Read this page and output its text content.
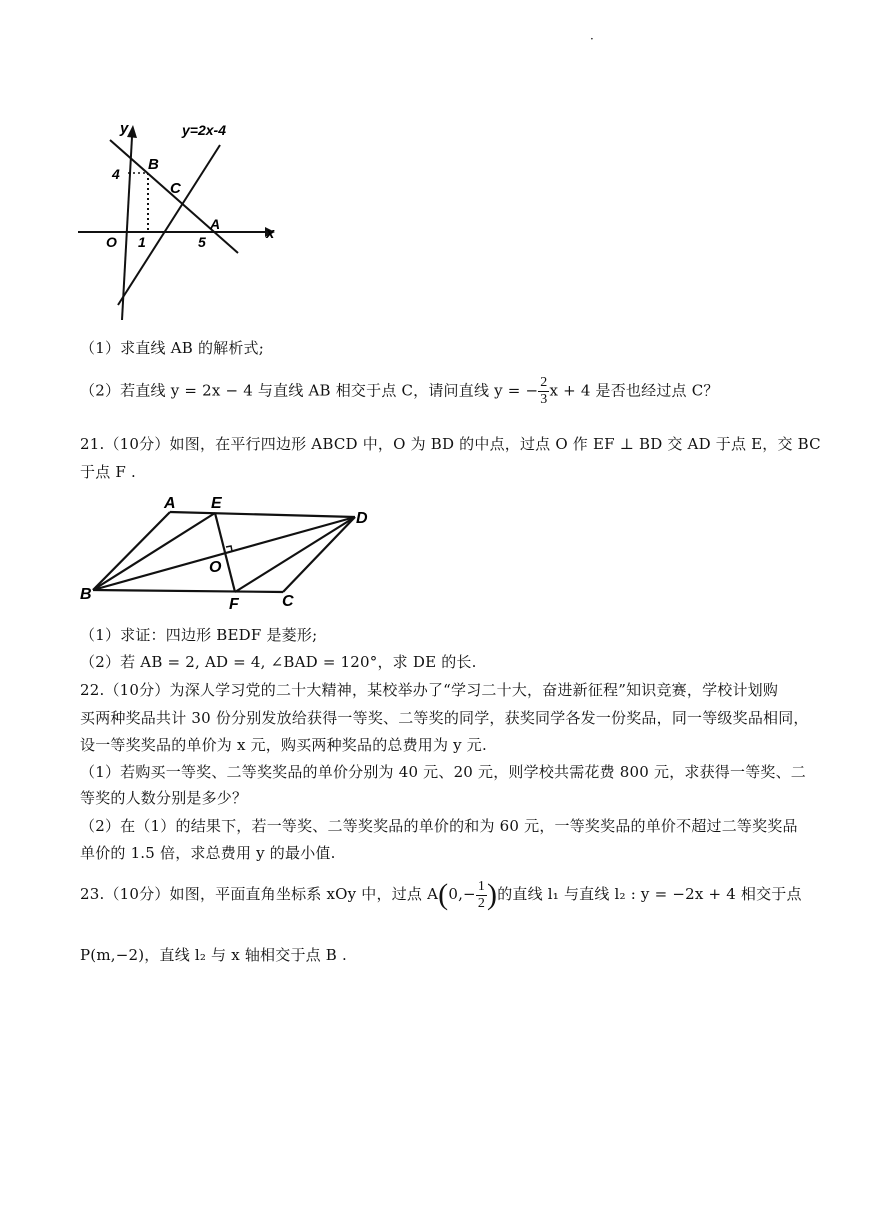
·
y	y=2x-4
B
4
C
A
x
O 1	5
（1）求直线 AB 的解析式;
（2）若直线 y = 2x − 4 与直线 AB 相交于点 C，请问直线 y = − $\frac{2}{3}$ x + 4 是否也经过点 C？
21.（10分）如图，在平行四边形 ABCD 中，O 为 BD 的中点，过点 O 作 EF ⊥ BD 交 AD 于点 E，交 BC
于点 F .
A E
D
O
B
F	C
（1）求证：四边形 BEDF 是菱形;
（2）若 AB = 2, AD = 4, ∠BAD = 120°，求 DE 的长.
22.（10分）为深人学习党的二十大精神，某校举办了“学习二十大，奋进新征程”知识竞赛，学校计划购
买两种奖品共计 30 份分别发放给获得一等奖、二等奖的同学，获奖同学各发一份奖品，同一等级奖品相同，
设一等奖奖品的单价为 x 元，购买两种奖品的总费用为 y 元.
（1）若购买一等奖、二等奖奖品的单价分别为 40 元、20 元，则学校共需花费 800 元，求获得一等奖、二
等奖的人数分别是多少？
（2）在（1）的结果下，若一等奖、二等奖奖品的单价的和为 60 元，一等奖奖品的单价不超过二等奖奖品
单价的 1.5 倍，求总费用 y 的最小值.
23.（10分）如图，平面直角坐标系 xOy 中，过点 $A(0,- \frac{1}{2}$ )的直线 l₁ 与直线 l₂ : y = −2x + 4 相交于点
P(m,−2)，直线 l₂ 与 x 轴相交于点 B .
